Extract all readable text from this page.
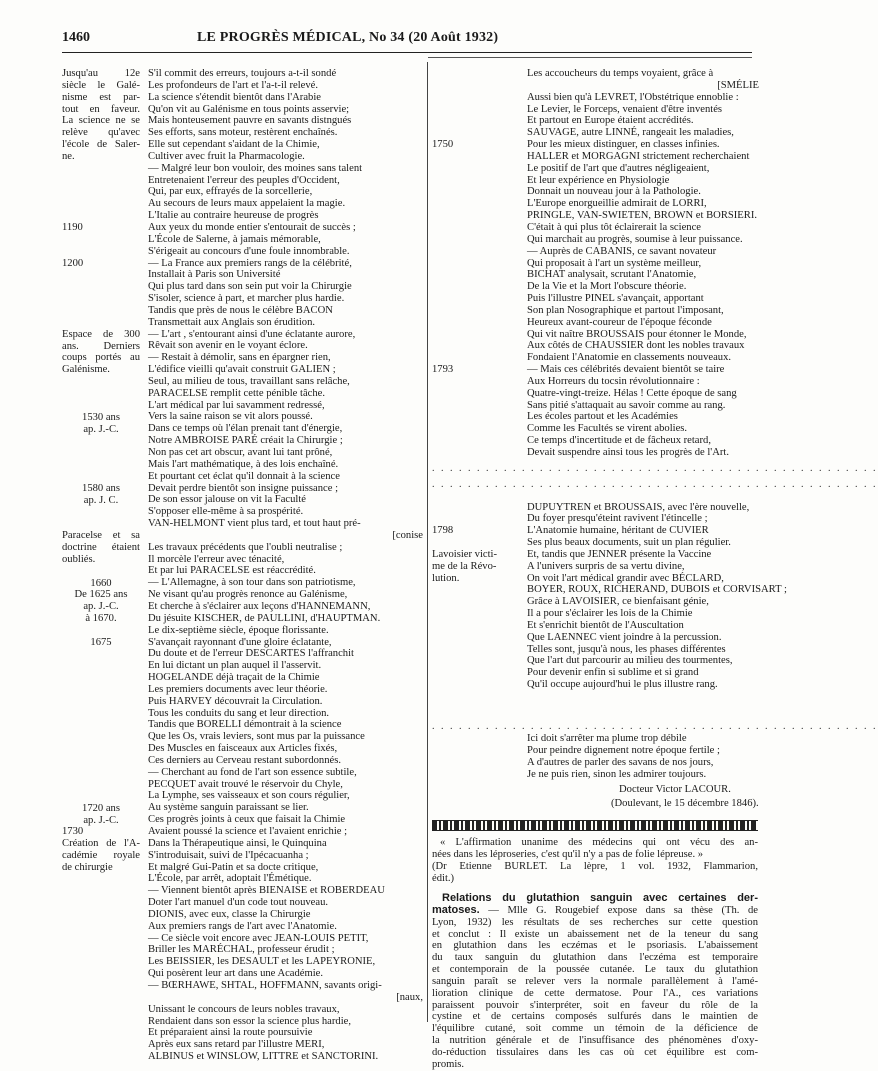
1460	LE PROGRÈS MÉDICAL, No 34 (20 Août 1932)
Jusqu'au 12e
siècle le Galé-
nisme est par-
tout en faveur.
La science ne se
relève qu'avec
l'école de Saler-
ne.
1190
1200
Espace de 300
ans. Derniers
coups portés au
Galénisme.
1530 ans
ap. J.-C.
1580 ans
ap. J. C.
Paracelse et sa
doctrine étaient
oubliés.
1660
De 1625 ans
ap. J.-C.
à 1670.
1675
1720 ans
ap. J.-C.
1730
Création de l'A-
cadémie royale
de chirurgie
S'il commit des erreurs, toujours a-t-il sondé
Les profondeurs de l'art et l'a-t-il relevé.
La science s'étendit bientôt dans l'Arabie
Qu'on vit au Galénisme en tous points asservie;
Mais honteusement pauvre en savants distngués
Ses efforts, sans moteur, restèrent enchaînés.
Elle sut cependant s'aidant de la Chimie,
Cultiver avec fruit la Pharmacologie.
— Malgré leur bon vouloir, des moines sans talent
Entretenaient l'erreur des peuples d'Occident,
Qui, par eux, effrayés de la sorcellerie,
Au secours de leurs maux appelaient la magie.
L'Italie au contraire heureuse de progrès
Aux yeux du monde entier s'entourait de succès ;
L'École de Salerne, à jamais mémorable,
S'érigeait au concours d'une foule innombrable.
— La France aux premiers rangs de la célébrité,
Installait à Paris son Université
Qui plus tard dans son sein put voir la Chirurgie
S'isoler, science à part, et marcher plus hardie.
Tandis que près de nous le célèbre BACON
Transmettait aux Anglais son érudition.
— L'art , s'entourant ainsi d'une éclatante aurore,
Rêvait son avenir en le voyant éclore.
— Restait à démolir, sans en épargner rien,
L'édifice vieilli qu'avait construit GALIEN ;
Seul, au milieu de tous, travaillant sans relâche,
PARACELSE remplit cette pénible tâche.
L'art médical par lui savamment redressé,
Vers la saine raison se vit alors poussé.
Dans ce temps où l'élan prenait tant d'énergie,
Notre AMBROISE PARÉ créait la Chirurgie ;
Non pas cet art obscur, avant lui tant prôné,
Mais l'art mathématique, à des lois enchaîné.
Et pourtant cet éclat qu'il donnait à la science
Devait perdre bientôt son insigne puissance ;
De son essor jalouse on vit la Faculté
S'opposer elle-même à sa prospérité.
VAN-HELMONT vient plus tard, et tout haut pré-
[conise
Les travaux précédents que l'oubli neutralise ;
Il morcèle l'erreur avec ténacité,
Et par lui PARACELSE est réaccrédité.
— L'Allemagne, à son tour dans son patriotisme,
Ne visant qu'au progrès renonce au Galénisme,
Et cherche à s'éclairer aux leçons d'HANNEMANN,
Du jésuite KISCHER, de PAULLINI, d'HAUPTMAN.
Le dix-septième siècle, époque florissante.
S'avançait rayonnant d'une gloire éclatante,
Du doute et de l'erreur DESCARTES l'affranchit
En lui dictant un plan auquel il l'asservit.
HOGELANDE déjà traçait de la Chimie
Les premiers documents avec leur théorie.
Puis HARVEY découvrait la Circulation.
Tous les conduits du sang et leur direction.
Tandis que BORELLI démontrait à la science
Que les Os, vrais leviers, sont mus par la puissance
Des Muscles en faisceaux aux Articles fixés,
Ces derniers au Cerveau restant subordonnés.
— Cherchant au fond de l'art son essence subtile,
PECQUET avait trouvé le réservoir du Chyle,
La Lymphe, ses vaisseaux et son cours régulier,
Au système sanguin paraissant se lier.
Ces progrès joints à ceux que faisait la Chimie
Avaient poussé la science et l'avaient enrichie ;
Dans la Thérapeutique ainsi, le Quinquina
S'introduisait, suivi de l'Ipécacuanha ;
Et malgré Gui-Patin et sa docte critique,
L'École, par arrêt, adoptait l'Émétique.
— Viennent bientôt après BIENAISE et ROBERDEAU
Doter l'art manuel d'un code tout nouveau.
DIONIS, avec eux, classe la Chirurgie
Aux premiers rangs de l'art avec l'Anatomie.
— Ce siècle voit encore avec JEAN-LOUIS PETIT,
Briller les MARÉCHAL, professeur érudit ;
Les BEISSIER, les DESAULT et les LAPEYRONIE,
Qui posèrent leur art dans une Académie.
— BŒRHAWE, SHTAL, HOFFMANN, savants origi-
[naux,
Unissant le concours de leurs nobles travaux,
Rendaient dans son essor la science plus hardie,
Et préparaient ainsi la route poursuivie
Après eux sans retard par l'illustre MERI,
ALBINUS et WINSLOW, LITTRE et SANCTORINI.
1750
1793
1798
Lavoisier victi-
me de la Révo-
lution.
Les accoucheurs du temps voyaient, grâce à
[SMÉLIE
Aussi bien qu'à LEVRET, l'Obstétrique ennoblie :
Le Levier, le Forceps, venaient d'être inventés
Et partout en Europe étaient accrédités.
SAUVAGE, autre LINNÉ, rangeait les maladies,
Pour les mieux distinguer, en classes infinies.
HALLER et MORGAGNI strictement recherchaient
Le positif de l'art que d'autres négligeaient,
Et leur expérience en Physiologie
Donnait un nouveau jour à la Pathologie.
L'Europe enorgueillie admirait de LORRI,
PRINGLE, VAN-SWIETEN, BROWN et BORSIERI.
C'était à qui plus tôt éclairerait la science
Qui marchait au progrès, soumise à leur puissance.
— Auprès de CABANIS, ce savant novateur
Qui proposait à l'art un système meilleur,
BICHAT analysait, scrutant l'Anatomie,
De la Vie et la Mort l'obscure théorie.
Puis l'illustre PINEL s'avançait, apportant
Son plan Nosographique et partout l'imposant,
Heureux avant-coureur de l'époque féconde
Qui vit naître BROUSSAIS pour étonner le Monde,
Aux côtés de CHAUSSIER dont les nobles travaux
Fondaient l'Anatomie en classements nouveaux.
— Mais ces célébrités devaient bientôt se taire
Aux Horreurs du tocsin révolutionnaire :
Quatre-vingt-treize. Hélas ! Cette époque de sang
Sans pitié s'attaquait au savoir comme au rang.
Les écoles partout et les Académies
Comme les Facultés se virent abolies.
Ce temps d'incertitude et de fâcheux retard,
Devait suspendre ainsi tous les progrès de l'Art.
DUPUYTREN et BROUSSAIS, avec l'ère nouvelle,
Du foyer presqu'éteint ravivent l'étincelle ;
L'Anatomie humaine, héritant de CUVIER
Ses plus beaux documents, suit un plan régulier.
Et, tandis que JENNER présente la Vaccine
A l'univers surpris de sa vertu divine,
On voit l'art médical grandir avec BÉCLARD,
BOYER, ROUX, RICHERAND, DUBOIS et CORVISART ;
Grâce à LAVOISIER, ce bienfaisant génie,
Il a pour s'éclairer les lois de la Chimie
Et s'enrichit bientôt de l'Auscultation
Que LAENNEC vient joindre à la percussion.
Telles sont, jusqu'à nous, les phases différentes
Que l'art dut parcourir au milieu des tourmentes,
Pour devenir enfin si sublime et si grand
Qu'il occupe aujourd'hui le plus illustre rang.
. . . . . . . . . . . . . . . . . . . . . . . . . . . . . . . . . . . . . . . . . . . . . . . . . .
. . . . . . . . . . . . . . . . . . . . . . . . . . . . . . . . . . . . . . . . . . . . . . . . . .
. . . . . . . . . . . . . . . . . . . . . . . . . . . . . . . . . . . . . . . . . . . . . . . . . .
Ici doit s'arrêter ma plume trop débile
Pour peindre dignement notre époque fertile ;
A d'autres de parler des savans de nos jours,
Je ne puis rien, sinon les admirer toujours.
Docteur Victor LACOUR.
(Doulevant, le 15 décembre 1846).
« L'affirmation unanime des médecins qui ont vécu des an-
nées dans les léproseries, c'est qu'il n'y a pas de folie lépreuse. »
(Dr Etienne BURLET. La lèpre, 1 vol. 1932, Flammarion,
édit.)
Relations du glutathion sanguin avec certaines der-
matoses. — Mlle G. Rougebief expose dans sa thèse (Th. de
Lyon, 1932) les résultats de ses recherches sur cette question
et conclut : Il existe un abaissement net de la teneur du sang
en glutathion dans les eczémas et le psoriasis. L'abaissement
du taux sanguin du glutathion dans l'eczéma est temporaire
et contemporain de la poussée cutanée. Le taux du glutathion
sanguin paraît se relever vers la normale parallèlement à l'amé-
lioration clinique de cette dermatose. Pour l'A., ces variations
paraissent pouvoir s'interpréter, soit en faveur du rôle de la
cystine et de certains composés sulfurés dans le maintien de
l'équilibre cutané, soit comme un témoin de la déficience de
la nutrition générale et de l'insuffisance des phénomènes d'oxy-
do-réduction tissulaires dans les cas où cet équilibre est com-
promis.
